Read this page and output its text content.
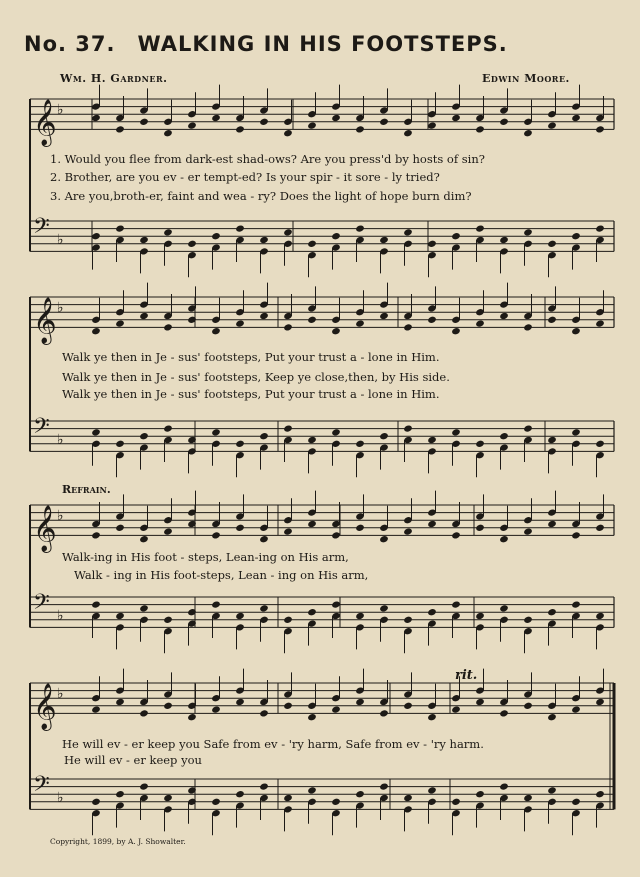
No. 37. WALKING IN HIS FOOTSTEPS.
Wm. H. Gardner.	Edwin Moore.
𝄞 ♭
𝄢 ♭
𝄞 ♭
𝄢 ♭
𝄞 ♭
𝄢 ♭
𝄞 ♭
𝄢 ♭
1. Would you flee from dark-est shad-ows? Are you press'd by hosts of sin?
2. Brother, are you ev - er tempt-ed? Is your spir - it sore - ly tried?
3. Are you,broth-er, faint and wea - ry? Does the light of hope burn dim?
Walk ye then in Je - sus' footsteps, Put your trust a - lone in Him.
Walk ye then in Je - sus' footsteps, Keep ye close,then, by His side.
Walk ye then in Je - sus' footsteps, Put your trust a - lone in Him.
Refrain.
Walk-ing in His foot - steps, Lean-ing on His arm,
Walk - ing in His foot-steps, Lean - ing on His arm,
rit.
He will ev - er keep you Safe from ev - 'ry harm, Safe from ev - 'ry harm.
He will ev - er keep you
Copyright, 1899, by A. J. Showalter.
